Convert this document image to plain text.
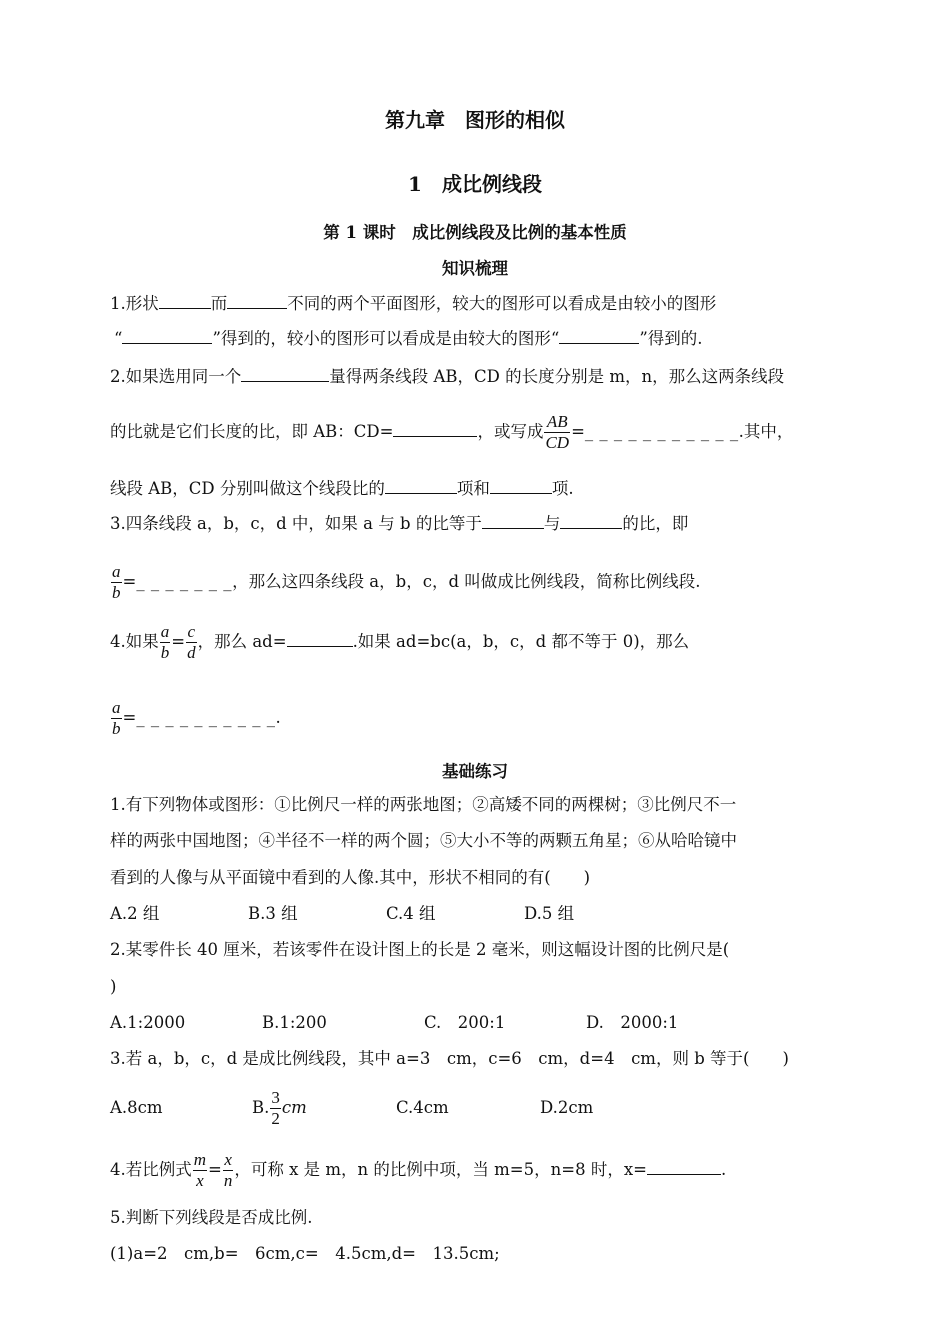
第九章　图形的相似
1　成比例线段
第 1 课时　成比例线段及比例的基本性质
知识梳理
1.形状	而	不同的两个平面图形，较大的图形可以看成是由较小的图形
“	”得到的，较小的图形可以看成是由较大的图形“	”得到的.
2.如果选用同一个	量得两条线段 AB，CD 的长度分别是 m，n，那么这两条线段
的比就是它们长度的比，即 AB：CD=	，或写成 $\frac{AB}{CD}$ =_ _ _ _ _ _ _ _ _ _ _.其中，
线段 AB，CD 分别叫做这个线段比的	项和	项.
3.四条线段 a，b，c，d 中，如果 a 与 b 的比等于	与	的比，即
$\frac{a}{b}$ =_ _ _ _ _ _ _，那么这四条线段 a，b，c，d 叫做成比例线段，简称比例线段.
4.如果 $\frac{a}{b} = \frac{c}{d}$ ，那么 ad=	.如果 ad=bc(a，b，c，d 都不等于 0)，那么
$\frac{a}{b}$ =_ _ _ _ _ _ _ _ _ _.
基础练习
1.有下列物体或图形：①比例尺一样的两张地图；②高矮不同的两棵树；③比例尺不一
样的两张中国地图；④半径不一样的两个圆；⑤大小不等的两颗五角星；⑥从哈哈镜中
看到的人像与从平面镜中看到的人像.其中，形状不相同的有(　　)
A.2 组	B.3 组	C.4 组	D.5 组
2.某零件长 40 厘米，若该零件在设计图上的长是 2 毫米，则这幅设计图的比例尺是(
)
A.1:2000	B.1:200	C.　200:1	D.　2000:1
3.若 a，b，c，d 是成比例线段，其中 a=3　cm，c=6　cm，d=4　cm，则 b 等于(　　)
A.8cm	B. $\frac{3}{2}$ cm	C.4cm	D.2cm
4.若比例式 $\frac{m}{x} = \frac{x}{n}$ ，可称 x 是 m，n 的比例中项，当 m=5，n=8 时，x=	.
5.判断下列线段是否成比例.
(1)a=2　cm,b=　6cm,c=　4.5cm,d=　13.5cm;
